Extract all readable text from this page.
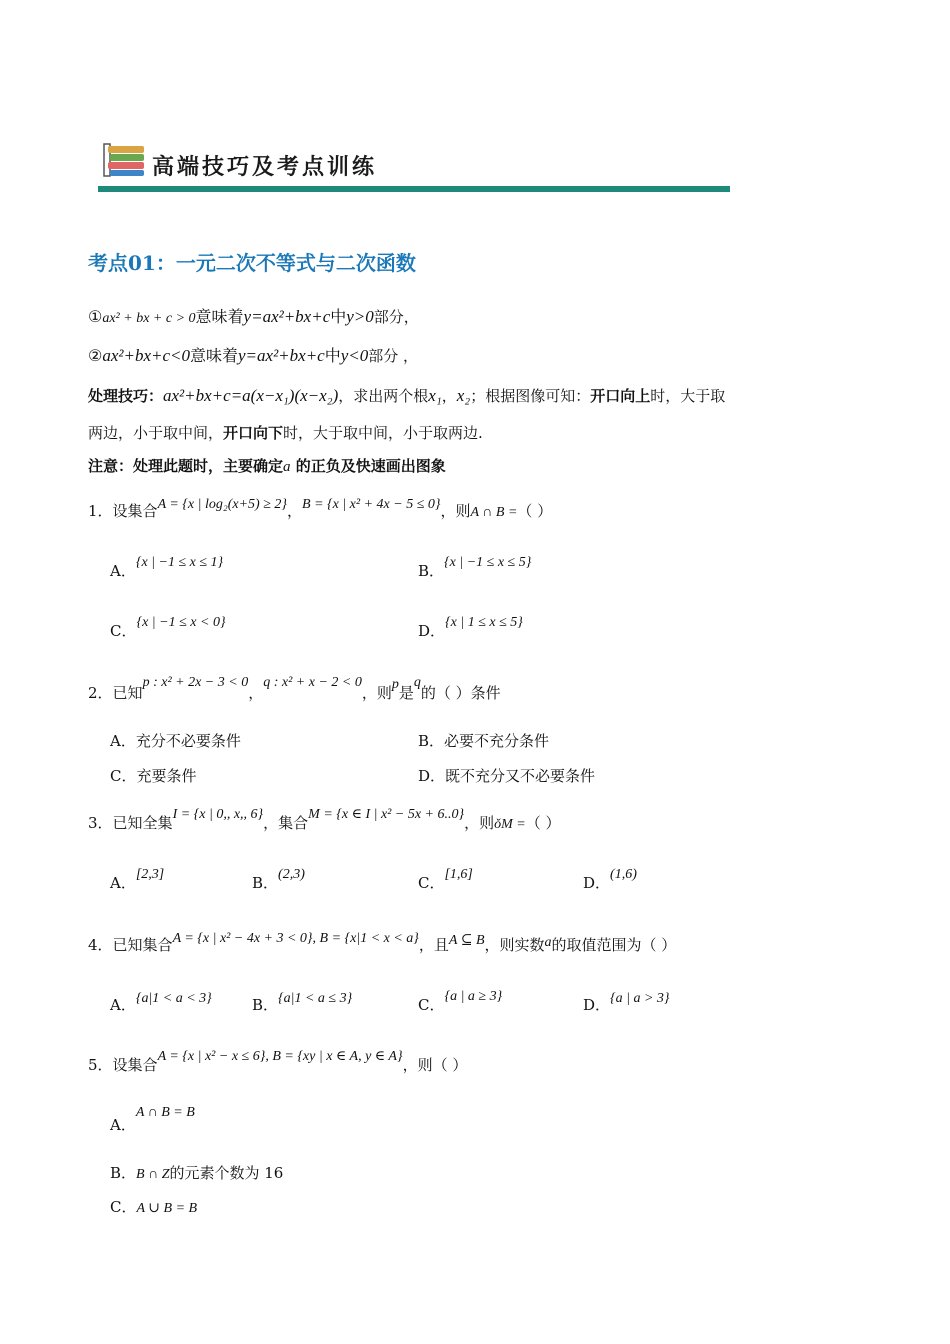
高端技巧及考点训练
考点01：一元二次不等式与二次函数
①ax² + bx + c > 0意味着y=ax²+bx+c中y>0部分，
②ax²+bx+c<0意味着y=ax²+bx+c中y<0部分 ，
处理技巧：ax²+bx+c=a(x−x₁)(x−x₂)，求出两个根x₁，x₂；根据图像可知：开口向上时，大于取
两边，小于取中间，开口向下时，大于取中间，小于取两边.
注意：处理此题时，主要确定a 的正负及快速画出图象
1．设集合A = {x | log₂(x+5) ≥ 2}，B = {x | x² + 4x − 5 ≤ 0}，则A ∩ B =（ ）
A．{x | −1 ≤ x ≤ 1}	B．{x | −1 ≤ x ≤ 5}
C．{x | −1 ≤ x < 0}	D．{x | 1 ≤ x ≤ 5}
2．已知p : x² + 2x − 3 < 0，q : x² + x − 2 < 0，则p是q的（ ）条件
A．充分不必要条件	B．必要不充分条件
C．充要条件	D．既不充分又不必要条件
3．已知全集I = {x | 0,, x,, 6}，集合M = {x ∈ I | x² − 5x + 6..0}，则ǒM =（ ）
A．[2,3]	B．(2,3)	C．[1,6]	D．(1,6)
4．已知集合A = {x | x² − 4x + 3 < 0}, B = {x|1 < x < a}，且A ⊆ B，则实数a的取值范围为（ ）
A．{a|1 < a < 3}	B．{a|1 < a ≤ 3}	C．{a | a ≥ 3}	D．{a | a > 3}
5．设集合A = {x | x² − x ≤ 6}, B = {xy | x ∈ A, y ∈ A}，则（ ）
A．A ∩ B = B
B．B ∩ Z的元素个数为 16
C．A ∪ B = B
